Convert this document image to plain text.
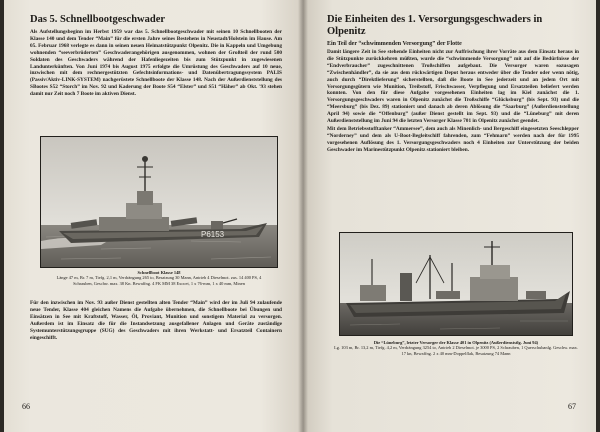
Das 5. Schnellbootgeschwader

Als Aufstellungsbeginn im Herbst 1959 war das 5. Schnellbootgeschwader mit seinen 10 Schnellbooten der Klasse 140 und dem Tender “Main” für die ersten Jahre seines Bestehens in Neustadt/Holstein im Hause. Am 05. Februar 1968 verlegte es dann in seinen neuen Heimatstützpunkt Olpenitz. Die in Kappeln und Umgebung wohnenden “seeverbrüderten” Geschwaderangehörigen ausgenommen, wohnen der Großteil der rund 500 Soldaten des Geschwaders während der Hafenliegezeiten bis zum Stützpunkt in zugewiesenen Landunterkünften. Von Juni 1974 bis August 1975 erfolgte die Umrüstung des Geschwaders auf 10 neue, inzwischen mit dem rechnergestützten Gefechtsinformations- und Datenübertragungssystem PALIS (Passiv/Aktiv-LINK-SYSTEM) nachgerüstete Schnellboote der Klasse 148. Nach der Außerdienststellung des SBootes S52 “Storch” im Nov. 92 und Kaderung der Boote S54 “Elster” und S51 “Häher” ab Okt. '93 stehen damit nur Zeit noch 7 Boote im aktiven Dienst.

P6153
Schnellboot Klasse 148
Länge 47 m, Br. 7 m, Tiefg. 2,1 m, Verdrängung 265 to, Besatzung 30 Mann, Antrieb 4 Dieselmot. zus. 14 400 PS, 4 Schrauben, Geschw. max. 38 Kn. Bewaffng. 4 FK MM 38 Exocet, 1 x 76-mm, 1 x 40 mm, Minen

Für den inzwischen im Nov. 93 außer Dienst gestellten alten Tender “Main” wird der im Juli 94 zulaufende neue Tender, Klasse 404 gleichen Namens die Aufgabe übernehmen, die Schnellboote bei Übungen und Einsätzen in See mit Kraftstoff, Wasser, Öl, Proviant, Munition und sonstigem Material zu versorgen. Außerdem ist im Einsatz die für die Instandsetzung ausgefallener Anlagen und Geräte zuständige Systemunterstützungsgruppe (SUG) des Geschwaders mit ihren Werkstatt- und Ersatzteil Containern eingeschifft.

66
Die Einheiten des 1. Versorgungsgeschwaders in Olpenitz
Ein Teil der “schwimmenden Versorgung” der Flotte

Damit längere Zeit in See stehende Einheiten nicht zur Auffrischung ihrer Vorräte aus dem Einsatz heraus in die Stützpunkte zurückkehren müßten, wurde die “schwimmende Versorgung” mit auf die Bedürfnisse der “Endverbraucher” zugeschnittenen Troßschiffen aufgebaut. Die Versorger waren sozusagen “Zwischenhändler”, da sie aus dem rückwärtigen Depot heraus entweder über die Tender oder wenn nötig, auch durch “Direktlieferung” sicherstellten, daß die Boote in See jederzeit und an jedem Ort mit Versorgungsgütern wie Munition, Treibstoff, Frischwasser, Verpflegung und Ersatzteilen beliefert werden konnten. Von den für diese Aufgabe vorgesehenen Einheiten lag im Kiel zunächst die 1. Versorgungsgeschwaders waren in Olpenitz zunächst die Troßschiffe “Glücksburg” (bis Sept. 93) und die “Meersburg” (bis Dez. 89) stationiert und danach ab deren Ablösung die “Saarburg” (Außerdienststellung April 94) sowie die “Offenburg” (außer Dienst gestellt im Sept. 93) und die “Lüneburg” mit deren Außerdienststellung im Juni 94 die letzten Versorger Klasse 701 in Olpenitz zunächst geendet.

Mit dem Betriebsstofftanker “Ammersee”, dem auch als Minenlich- und Bergeschiff eingesetzten Seeschlepper “Norderney” und dem als U-Boot-Begleitschiff fahrenden, zum “Fehmarn” werden nach der für 1995 vorgesehenen Auflösung des 1. Versorgungsgeschwaders noch 4 Einheiten zur Unterstützung der beiden Geschwader im Marinestützpunkt Olpenitz stationiert bleiben.

Die “Lüneburg”, letzter Versorger der Klasse 401 in Olpenitz (Außerdienststlg. Juni 94)
Lg. 103 m, Br. 13,2 m, Tiefg. 4,2 m, Verdrängung 3254 to, Antrieb 2 Dieselmot. je 3000 PS, 2 Schrauben, 1 Querschubanlg. Geschw. max. 17 kn, Bewaffng. 2 x 40 mm-Doppelflak, Besatzung 74 Mann
67
